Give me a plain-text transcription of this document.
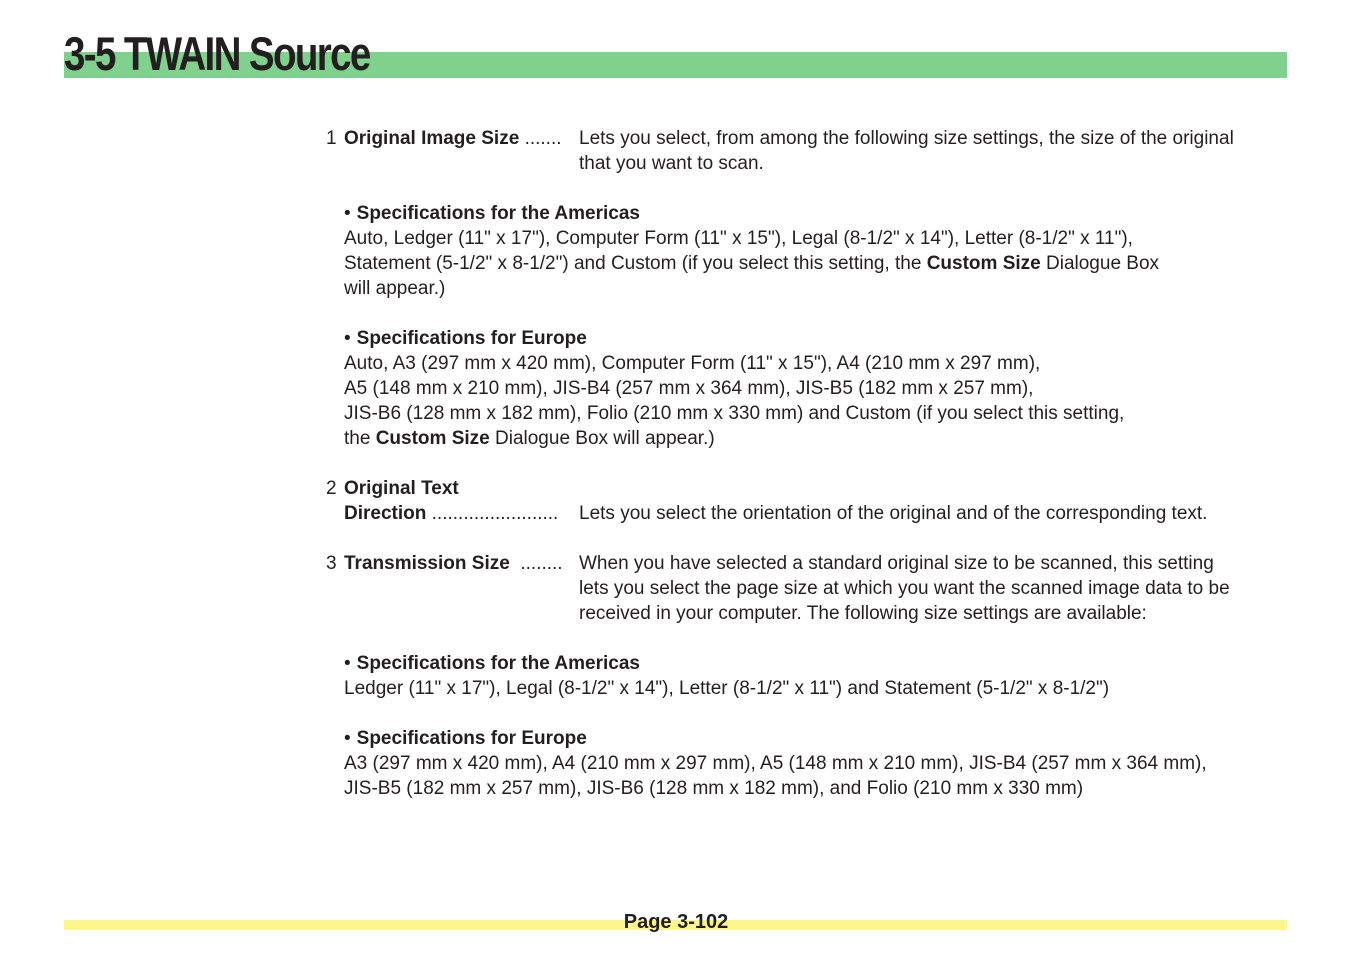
3-5 TWAIN Source
1 Original Image Size ....... Lets you select, from among the following size settings, the size of the original
that you want to scan.
• Specifications for the Americas
Auto, Ledger (11" x 17"), Computer Form (11" x 15"), Legal (8-1/2" x 14"), Letter (8-1/2" x 11"),
Statement (5-1/2" x 8-1/2") and Custom (if you select this setting, the Custom Size Dialogue Box
will appear.)
• Specifications for Europe
Auto, A3 (297 mm x 420 mm), Computer Form (11" x 15"), A4 (210 mm x 297 mm),
A5 (148 mm x 210 mm), JIS-B4 (257 mm x 364 mm), JIS-B5 (182 mm x 257 mm),
JIS-B6 (128 mm x 182 mm), Folio (210 mm x 330 mm) and Custom (if you select this setting,
the Custom Size Dialogue Box will appear.)
2 Original Text
Direction ........................ Lets you select the orientation of the original and of the corresponding text.
3 Transmission Size ........ When you have selected a standard original size to be scanned, this setting
lets you select the page size at which you want the scanned image data to be
received in your computer. The following size settings are available:
• Specifications for the Americas
Ledger (11" x 17"), Legal (8-1/2" x 14"), Letter (8-1/2" x 11") and Statement (5-1/2" x 8-1/2")
• Specifications for Europe
A3 (297 mm x 420 mm), A4 (210 mm x 297 mm), A5 (148 mm x 210 mm), JIS-B4 (257 mm x 364 mm),
JIS-B5 (182 mm x 257 mm), JIS-B6 (128 mm x 182 mm), and Folio (210 mm x 330 mm)
Page 3-102
